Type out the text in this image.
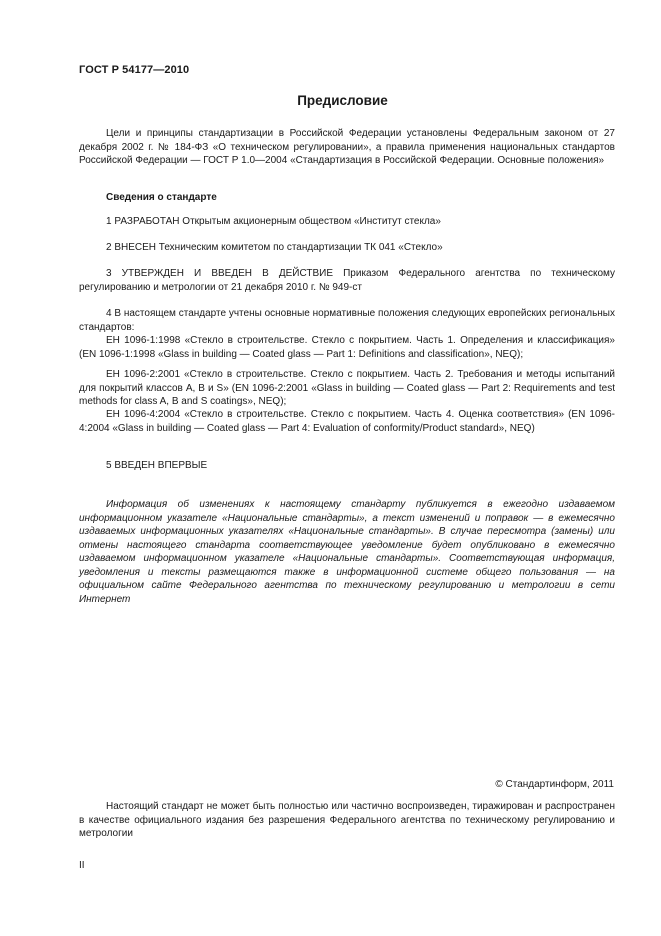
ГОСТ Р 54177—2010
Предисловие
Цели и принципы стандартизации в Российской Федерации установлены Федеральным законом от 27 декабря 2002 г. № 184-ФЗ «О техническом регулировании», а правила применения национальных стандартов Российской Федерации — ГОСТ Р 1.0—2004 «Стандартизация в Российской Федерации. Основные положения»
Сведения о стандарте
1 РАЗРАБОТАН Открытым акционерным обществом «Институт стекла»
2 ВНЕСЕН Техническим комитетом по стандартизации ТК 041 «Стекло»
3 УТВЕРЖДЕН И ВВЕДЕН В ДЕЙСТВИЕ Приказом Федерального агентства по техническому регулированию и метрологии от 21 декабря 2010 г. № 949-ст
4 В настоящем стандарте учтены основные нормативные положения следующих европейских региональных стандартов:
ЕН 1096-1:1998 «Стекло в строительстве. Стекло с покрытием. Часть 1. Определения и классификация» (EN 1096-1:1998 «Glass in building — Coated glass — Part 1: Definitions and classification», NEQ);
ЕН 1096-2:2001 «Стекло в строительстве. Стекло с покрытием. Часть 2. Требования и методы испытаний для покрытий классов А, В и S» (EN 1096-2:2001 «Glass in building — Coated glass — Part 2: Requirements and test methods for class A, B and S coatings», NEQ);
ЕН 1096-4:2004 «Стекло в строительстве. Стекло с покрытием. Часть 4. Оценка соответствия» (EN 1096-4:2004 «Glass in building — Coated glass — Part 4: Evaluation of conformity/Product standard», NEQ)
5 ВВЕДЕН ВПЕРВЫЕ
Информация об изменениях к настоящему стандарту публикуется в ежегодно издаваемом информационном указателе «Национальные стандарты», а текст изменений и поправок — в ежемесячно издаваемых информационных указателях «Национальные стандарты». В случае пересмотра (замены) или отмены настоящего стандарта соответствующее уведомление будет опубликовано в ежемесячно издаваемом информационном указателе «Национальные стандарты». Соответствующая информация, уведомления и тексты размещаются также в информационной системе общего пользования — на официальном сайте Федерального агентства по техническому регулированию и метрологии в сети Интернет
© Стандартинформ, 2011
Настоящий стандарт не может быть полностью или частично воспроизведен, тиражирован и распространен в качестве официального издания без разрешения Федерального агентства по техническому регулированию и метрологии
II
